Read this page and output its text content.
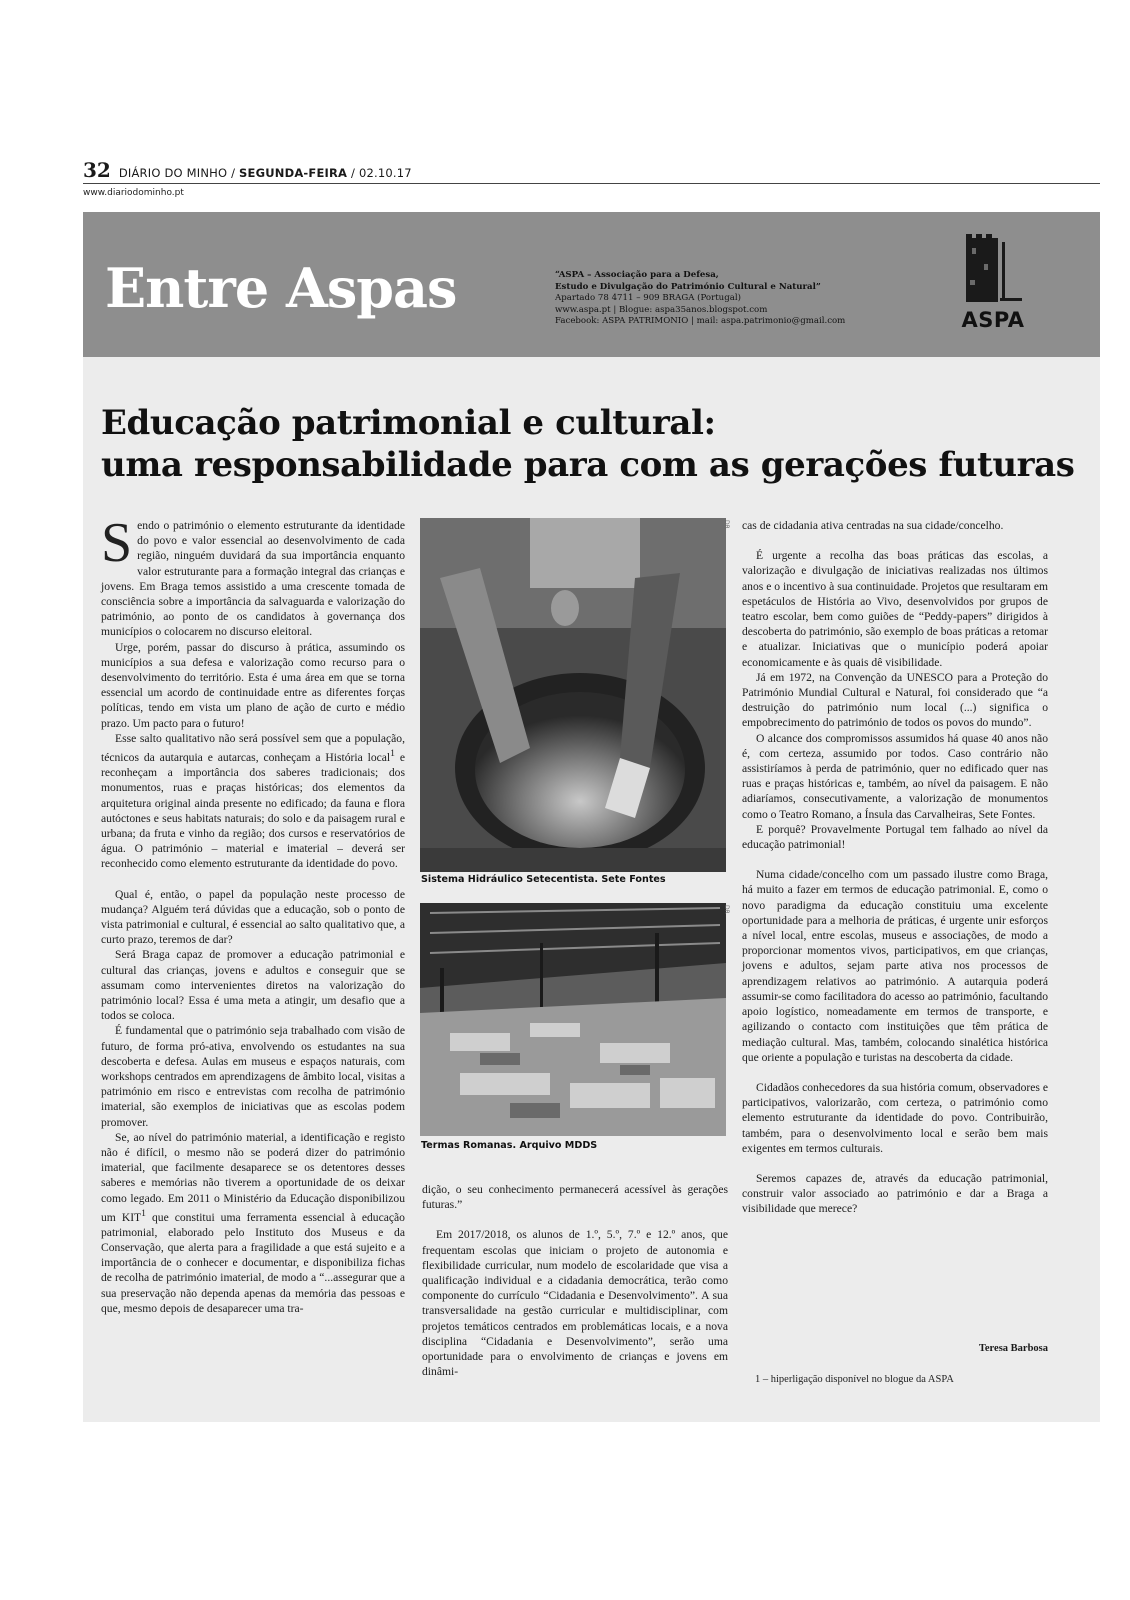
32 DIÁRIO DO MINHO / SEGUNDA-FEIRA / 02.10.17
www.diariodominho.pt
Entre Aspas	“ASPA – Associação para a Defesa,
Estudo e Divulgação do Património Cultural e Natural”
Apartado 78 4711 – 909 BRAGA (Portugal)
www.aspa.pt | Blogue: aspa35anos.blogspot.com
Facebook: ASPA PATRIMONIO | mail: aspa.patrimonio@gmail.com	ASPA
Educação patrimonial e cultural:
uma responsabilidade para com as gerações futuras

Sendo o património o elemento estruturante da identidade do povo e valor essencial ao desenvolvimento de cada região, ninguém duvidará da sua importância enquanto valor estruturante para a formação integral das crianças e jovens. Em Braga temos assistido a uma crescente tomada de consciência sobre a importância da salvaguarda e valorização do património, ao ponto de os candidatos à governança dos municípios o colocarem no discurso eleitoral.

Urge, porém, passar do discurso à prática, assumindo os municípios a sua defesa e valorização como recurso para o desenvolvimento do território. Esta é uma área em que se torna essencial um acordo de continuidade entre as diferentes forças políticas, tendo em vista um plano de ação de curto e médio prazo. Um pacto para o futuro!

Esse salto qualitativo não será possível sem que a população, técnicos da autarquia e autarcas, conheçam a História local$^1$ e reconheçam a importância dos saberes tradicionais; dos monumentos, ruas e praças históricas; dos elementos da arquitetura original ainda presente no edificado; da fauna e flora autóctones e seus habitats naturais; do solo e da paisagem rural e urbana; da fruta e vinho da região; dos cursos e reservatórios de água. O património – material e imaterial – deverá ser reconhecido como elemento estruturante da identidade do povo.

Qual é, então, o papel da população neste processo de mudança? Alguém terá dúvidas que a educação, sob o ponto de vista patrimonial e cultural, é essencial ao salto qualitativo que, a curto prazo, teremos de dar?

Será Braga capaz de promover a educação patrimonial e cultural das crianças, jovens e adultos e conseguir que se assumam como intervenientes diretos na valorização do património local? Essa é uma meta a atingir, um desafio que a todos se coloca.

É fundamental que o património seja trabalhado com visão de futuro, de forma pró-ativa, envolvendo os estudantes na sua descoberta e defesa. Aulas em museus e espaços naturais, com workshops centrados em aprendizagens de âmbito local, visitas a património em risco e entrevistas com recolha de património imaterial, são exemplos de iniciativas que as escolas podem promover.

Se, ao nível do património material, a identificação e registo não é difícil, o mesmo não se poderá dizer do património imaterial, que facilmente desaparece se os detentores desses saberes e memórias não tiverem a oportunidade de os deixar como legado. Em 2011 o Ministério da Educação disponibilizou um KIT$^1$ que constitui uma ferramenta essencial à educação patrimonial, elaborado pelo Instituto dos Museus e da Conservação, que alerta para a fragilidade a que está sujeito e a importância de o conhecer e documentar, e disponibiliza fichas de recolha de património imaterial, de modo a “...assegurar que a sua preservação não dependa apenas da memória das pessoas e que, mesmo depois de desaparecer uma tra-

Sistema Hidráulico Setecentista. Sete Fontes
DR
Termas Romanas. Arquivo MDDS
DR

dição, o seu conhecimento permanecerá acessível às gerações futuras.”

Em 2017/2018, os alunos de 1.º, 5.º, 7.º e 12.º anos, que frequentam escolas que iniciam o projeto de autonomia e flexibilidade curricular, num modelo de escolaridade que visa a qualificação individual e a cidadania democrática, terão como componente do currículo “Cidadania e Desenvolvimento”. A sua transversalidade na gestão curricular e multidisciplinar, com projetos temáticos centrados em problemáticas locais, e a nova disciplina “Cidadania e Desenvolvimento”, serão uma oportunidade para o envolvimento de crianças e jovens em dinâmi-

cas de cidadania ativa centradas na sua cidade/concelho.

É urgente a recolha das boas práticas das escolas, a valorização e divulgação de iniciativas realizadas nos últimos anos e o incentivo à sua continuidade. Projetos que resultaram em espetáculos de História ao Vivo, desenvolvidos por grupos de teatro escolar, bem como guiões de “Peddy-papers” dirigidos à descoberta do património, são exemplo de boas práticas a retomar e atualizar. Iniciativas que o município poderá apoiar economicamente e às quais dê visibilidade.

Já em 1972, na Convenção da UNESCO para a Proteção do Património Mundial Cultural e Natural, foi considerado que “a destruição do património num local (...) significa o empobrecimento do património de todos os povos do mundo”.

O alcance dos compromissos assumidos há quase 40 anos não é, com certeza, assumido por todos. Caso contrário não assistiríamos à perda de património, quer no edificado quer nas ruas e praças históricas e, também, ao nível da paisagem. E não adiaríamos, consecutivamente, a valorização de monumentos como o Teatro Romano, a Ínsula das Carvalheiras, Sete Fontes.

E porquê? Provavelmente Portugal tem falhado ao nível da educação patrimonial!

Numa cidade/concelho com um passado ilustre como Braga, há muito a fazer em termos de educação patrimonial. E, como o novo paradigma da educação constituiu uma excelente oportunidade para a melhoria de práticas, é urgente unir esforços a nível local, entre escolas, museus e associações, de modo a proporcionar momentos vivos, participativos, em que crianças, jovens e adultos, sejam parte ativa nos processos de aprendizagem relativos ao património. A autarquia poderá assumir-se como facilitadora do acesso ao património, facultando apoio logístico, nomeadamente em termos de transporte, e agilizando o contacto com instituições que têm prática de mediação cultural. Mas, também, colocando sinalética histórica que oriente a população e turistas na descoberta da cidade.

Cidadãos conhecedores da sua história comum, observadores e participativos, valorizarão, com certeza, o património como elemento estruturante da identidade do povo. Contribuirão, também, para o desenvolvimento local e serão bem mais exigentes em termos culturais.

Seremos capazes de, através da educação patrimonial, construir valor associado ao património e dar a Braga a visibilidade que merece?

Teresa Barbosa
1 – hiperligação disponível no blogue da ASPA
